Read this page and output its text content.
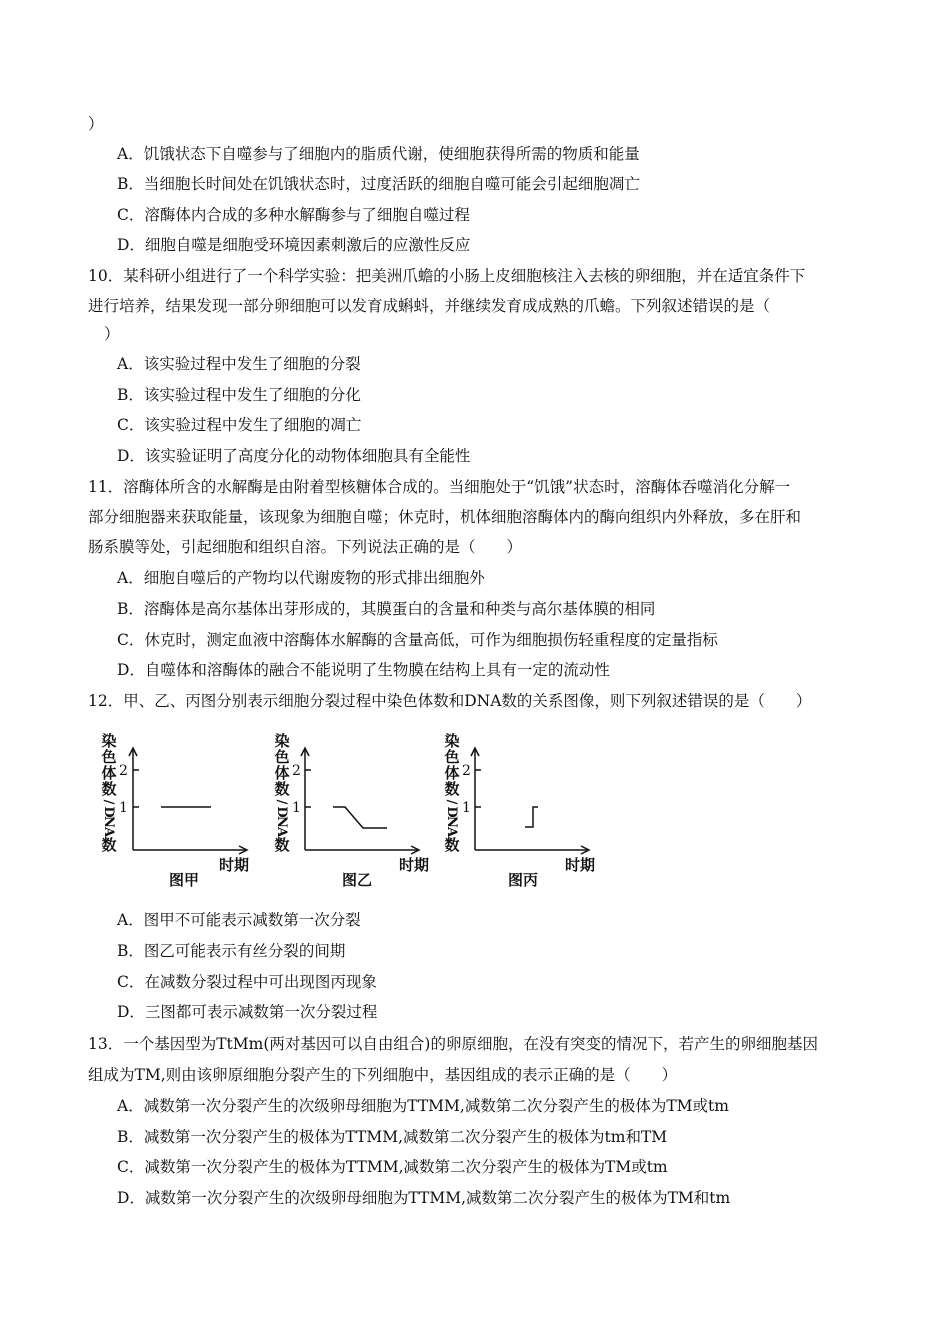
）
A．饥饿状态下自噬参与了细胞内的脂质代谢，使细胞获得所需的物质和能量
B．当细胞长时间处在饥饿状态时，过度活跃的细胞自噬可能会引起细胞凋亡
C．溶酶体内合成的多种水解酶参与了细胞自噬过程
D．细胞自噬是细胞受环境因素刺激后的应激性反应
10．某科研小组进行了一个科学实验：把美洲爪蟾的小肠上皮细胞核注入去核的卵细胞，并在适宜条件下
进行培养，结果发现一部分卵细胞可以发育成蝌蚪，并继续发育成成熟的爪蟾。下列叙述错误的是（
）
A．该实验过程中发生了细胞的分裂
B．该实验过程中发生了细胞的分化
C．该实验过程中发生了细胞的凋亡
D．该实验证明了高度分化的动物体细胞具有全能性
11．溶酶体所含的水解酶是由附着型核糖体合成的。当细胞处于“饥饿”状态时，溶酶体吞噬消化分解一
部分细胞器来获取能量，该现象为细胞自噬；休克时，机体细胞溶酶体内的酶向组织内外释放，多在肝和
肠系膜等处，引起细胞和组织自溶。下列说法正确的是（　　）
A．细胞自噬后的产物均以代谢废物的形式排出细胞外
B．溶酶体是高尔基体出芽形成的，其膜蛋白的含量和种类与高尔基体膜的相同
C．休克时，测定血液中溶酶体水解酶的含量高低，可作为细胞损伤轻重程度的定量指标
D．自噬体和溶酶体的融合不能说明了生物膜在结构上具有一定的流动性
12．甲、乙、丙图分别表示细胞分裂过程中染色体数和DNA数的关系图像，则下列叙述错误的是（　　）
染
色
体
数
/
D
N
A
数
染
色
体
数
/
D
N
A
数
染
色
体
数
/
D
N
A
数
2
1
2
1
2
1
时期	时期	时期
图甲	图乙	图丙
A．图甲不可能表示减数第一次分裂
B．图乙可能表示有丝分裂的间期
C．在减数分裂过程中可出现图丙现象
D．三图都可表示减数第一次分裂过程
13．一个基因型为TtMm(两对基因可以自由组合)的卵原细胞，在没有突变的情况下，若产生的卵细胞基因
组成为TM,则由该卵原细胞分裂产生的下列细胞中，基因组成的表示正确的是（　　）
A．减数第一次分裂产生的次级卵母细胞为TTMM,减数第二次分裂产生的极体为TM或tm
B．减数第一次分裂产生的极体为TTMM,减数第二次分裂产生的极体为tm和TM
C．减数第一次分裂产生的极体为TTMM,减数第二次分裂产生的极体为TM或tm
D．减数第一次分裂产生的次级卵母细胞为TTMM,减数第二次分裂产生的极体为TM和tm
